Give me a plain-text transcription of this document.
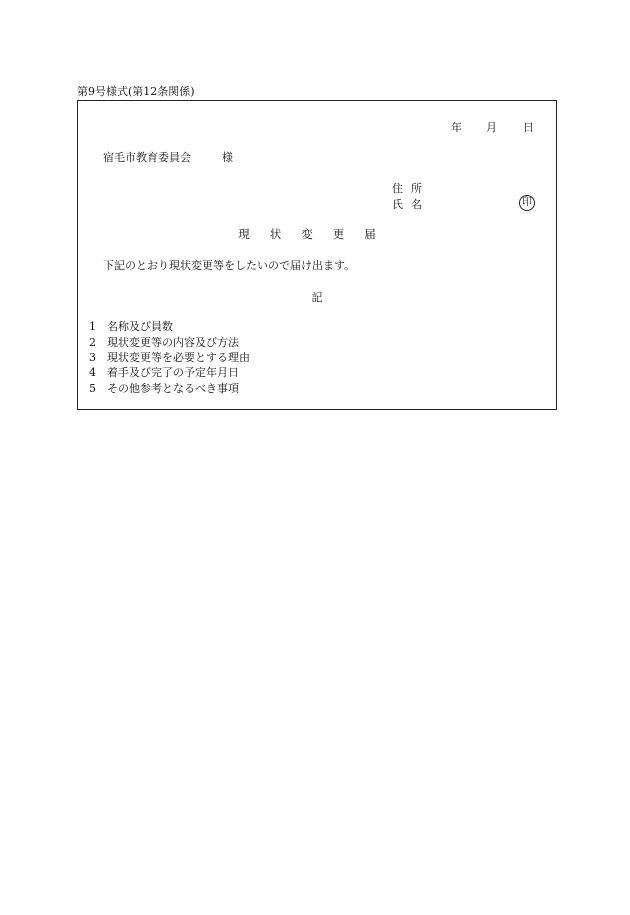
第9号様式(第12条関係)
年 月 日
宿毛市教育委員会	様
住所
氏名	印
現状変更届
下記のとおり現状変更等をしたいので届け出ます。
記
1 名称及び員数
2 現状変更等の内容及び方法
3 現状変更等を必要とする理由
4 着手及び完了の予定年月日
5 その他参考となるべき事項
